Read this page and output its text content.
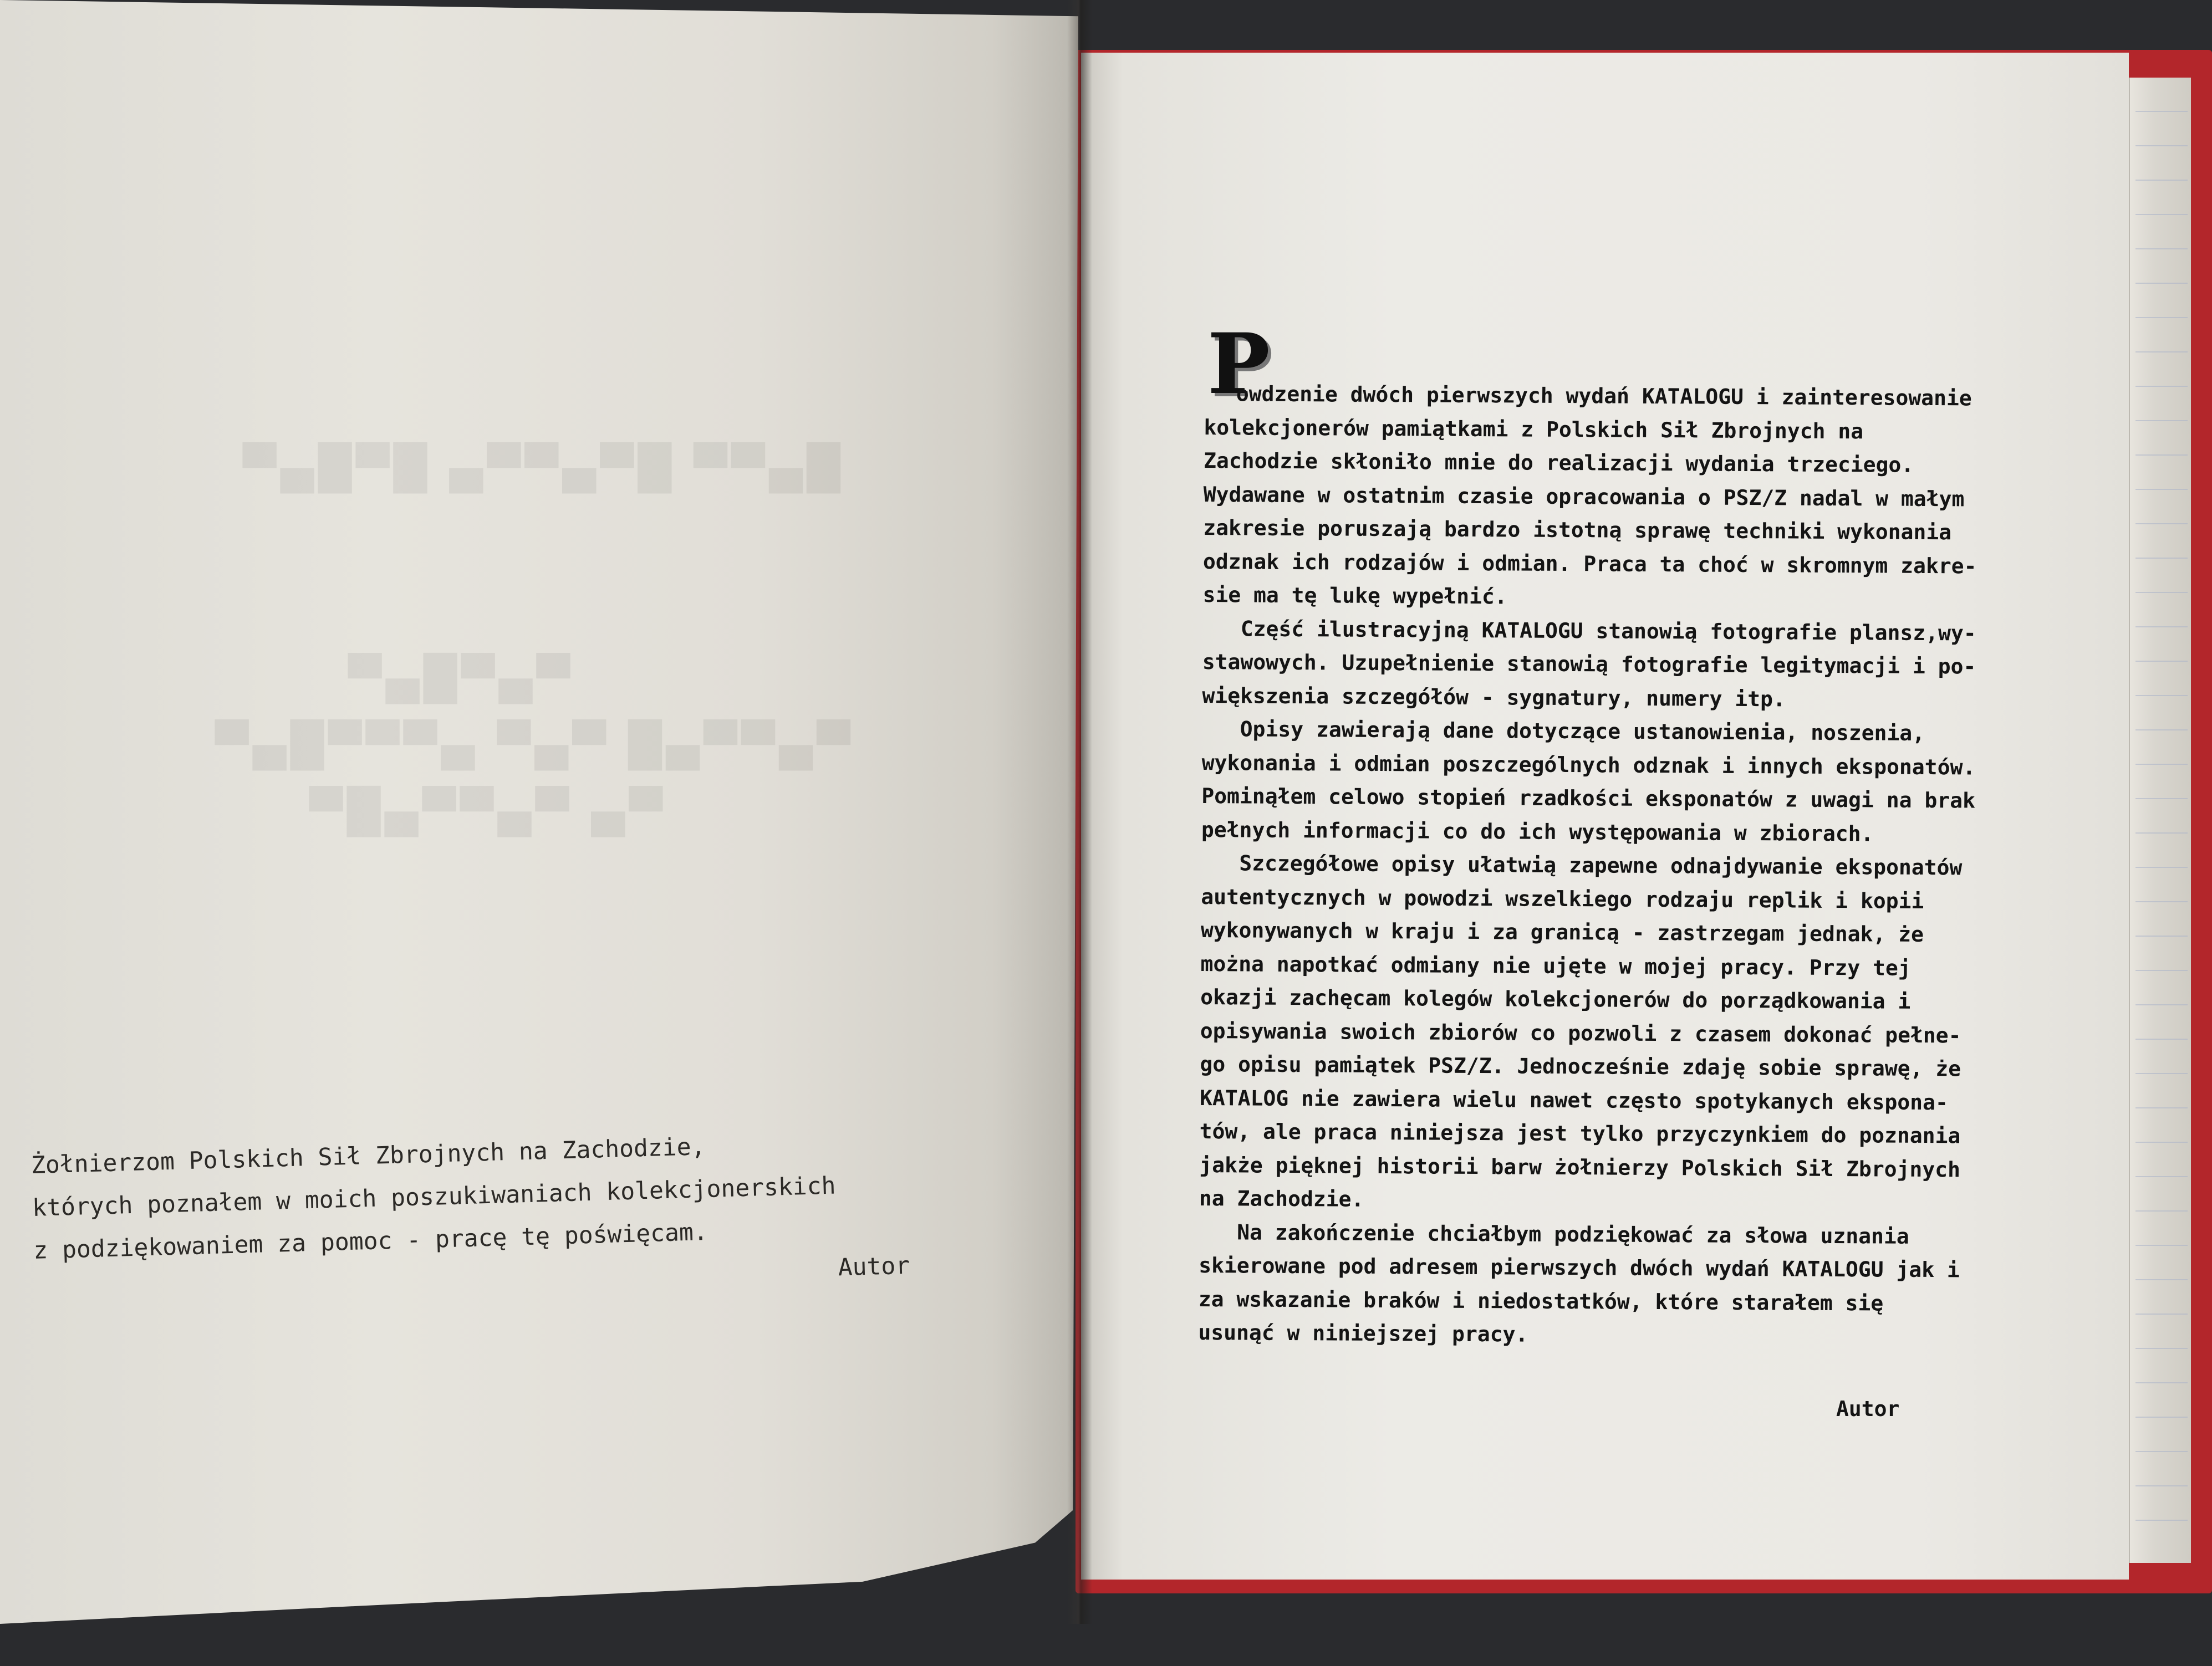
█▄▀▀ █▀▄▀▀▄ █▀█▄▀
▀▄▀█▄▀
▀▄▀▀▄█ ▀▄▀ ▄▀▀▀█▄▀
▀▄ ▀▄▀▀▄█▀
Żołnierzom Polskich Sił Zbrojnych na Zachodzie,
których poznałem w moich poszukiwaniach kolekcjonerskich
z podziękowaniem za pomoc - pracę tę poświęcam.
Autor
P
owdzenie dwóch pierwszych wydań KATALOGU i zainteresowanie
kolekcjonerów pamiątkami z Polskich Sił Zbrojnych na
Zachodzie skłoniło mnie do realizacji wydania trzeciego.
Wydawane w ostatnim czasie opracowania o PSZ/Z nadal w małym
zakresie poruszają bardzo istotną sprawę techniki wykonania
odznak ich rodzajów i odmian. Praca ta choć w skromnym zakre-
sie ma tę lukę wypełnić.
Część ilustracyjną KATALOGU stanowią fotografie plansz,wy-
stawowych. Uzupełnienie stanowią fotografie legitymacji i po-
większenia szczegółów - sygnatury, numery itp.
Opisy zawierają dane dotyczące ustanowienia, noszenia,
wykonania i odmian poszczególnych odznak i innych eksponatów.
Pominąłem celowo stopień rzadkości eksponatów z uwagi na brak
pełnych informacji co do ich występowania w zbiorach.
Szczegółowe opisy ułatwią zapewne odnajdywanie eksponatów
autentycznych w powodzi wszelkiego rodzaju replik i kopii
wykonywanych w kraju i za granicą - zastrzegam jednak, że
można napotkać odmiany nie ujęte w mojej pracy. Przy tej
okazji zachęcam kolegów kolekcjonerów do porządkowania i
opisywania swoich zbiorów co pozwoli z czasem dokonać pełne-
go opisu pamiątek PSZ/Z. Jednocześnie zdaję sobie sprawę, że
KATALOG nie zawiera wielu nawet często spotykanych ekspona-
tów, ale praca niniejsza jest tylko przyczynkiem do poznania
jakże pięknej historii barw żołnierzy Polskich Sił Zbrojnych
na Zachodzie.
Na zakończenie chciałbym podziękować za słowa uznania
skierowane pod adresem pierwszych dwóch wydań KATALOGU jak i
za wskazanie braków i niedostatków, które starałem się
usunąć w niniejszej pracy.
Autor
